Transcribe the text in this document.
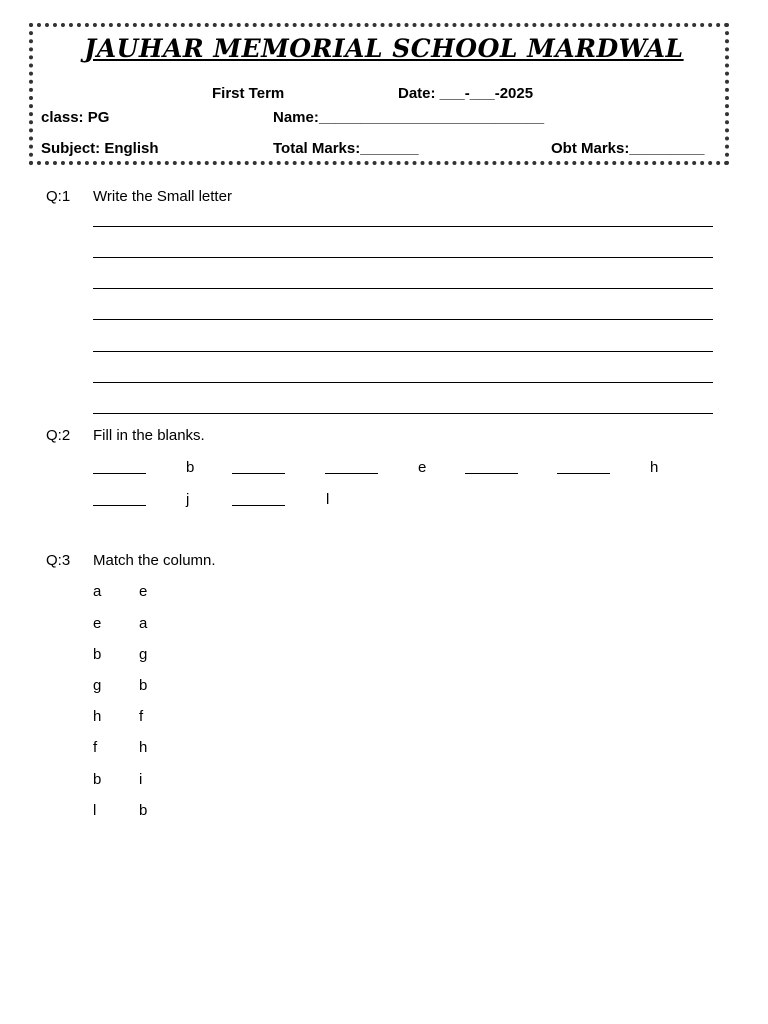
JAUHAR MEMORIAL SCHOOL MARDWAL
First Term	Date: ___-___-2025
class: PG	Name:___________________________
Subject: English	Total Marks:_______	Obt Marks:_________
Q:1 Write the Small letter
Q:2 Fill in the blanks.
b	e	h
j	l
Q:3 Match the column.
a	e
e	a
b	g
g	b
h	f
f	h
b	i
l	b
